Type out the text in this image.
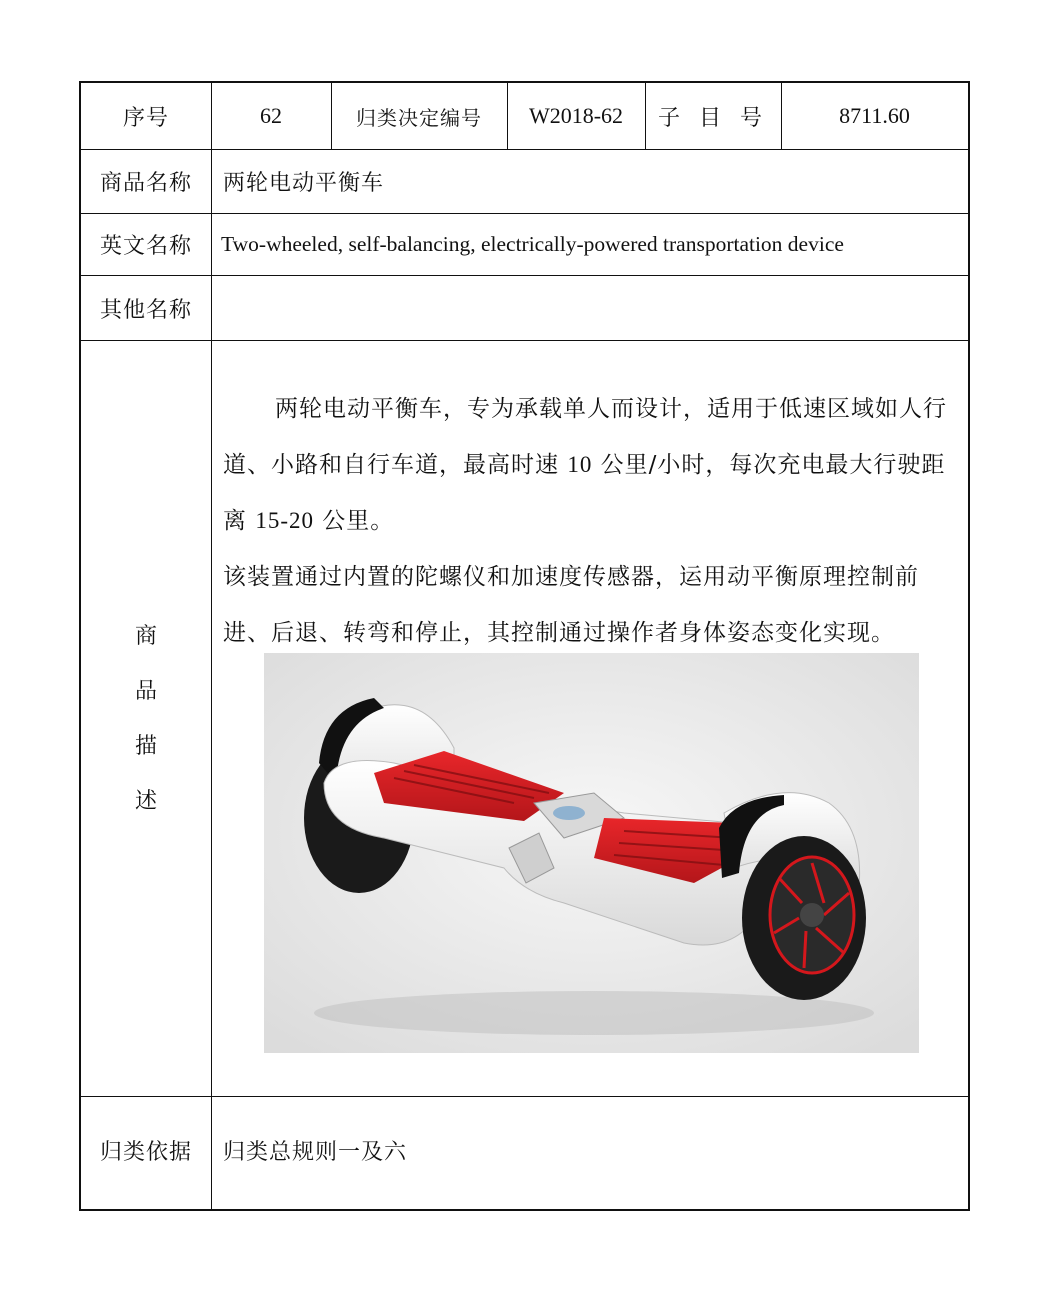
序号	62	归类决定编号	W2018-62	子 目 号	8711.60
商品名称	两轮电动平衡车
英文名称	Two-wheeled, self-balancing, electrically-powered transportation device
其他名称
商
品
描
述

两轮电动平衡车，专为承载单人而设计，适用于低速区域如人行道、小路和自行车道，最高时速 10 公里/小时，每次充电最大行驶距离 15-20 公里。

该装置通过内置的陀螺仪和加速度传感器，运用动平衡原理控制前进、后退、转弯和停止，其控制通过操作者身体姿态变化实现。

归类依据	归类总规则一及六
